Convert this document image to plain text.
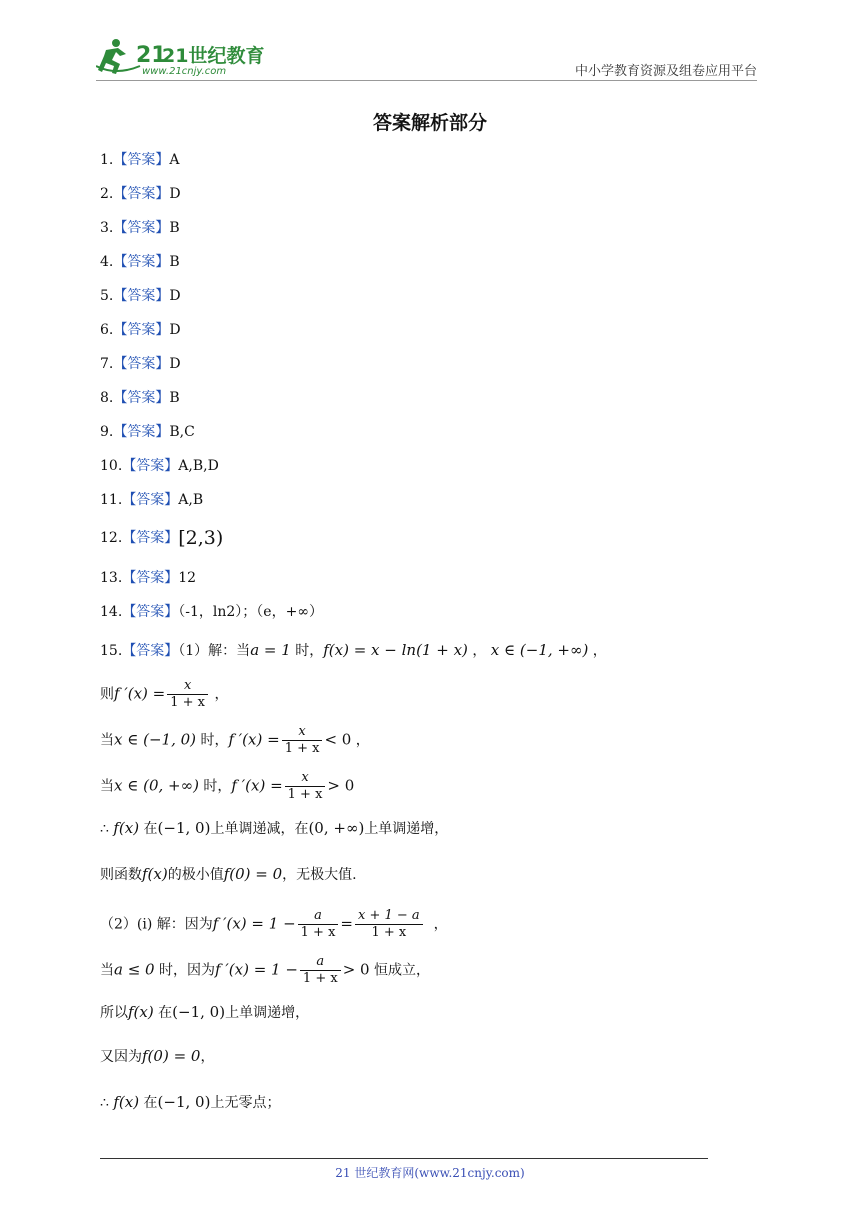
21
21世纪教育
www.21cnjy.com	中小学教育资源及组卷应用平台
答案解析部分
1.【答案】A
2.【答案】D
3.【答案】B
4.【答案】B
5.【答案】D
6.【答案】D
7.【答案】D
8.【答案】B
9.【答案】B,C
10.【答案】A,B,D
11.【答案】A,B
12.【答案】[2,3)
13.【答案】12
14.【答案】（-1，ln2）；（e，+∞）
15.【答案】（1）解：当a = 1 时，f(x) = x − ln(1 + x) ， x ∈ (−1, +∞) ，
则f $'(x) = \frac{x}{1 + x}$ ，
当x ∈ (−1, 0) 时，f $'(x) = \frac{x}{1 + x} < 0$ ，
当x ∈ (0, +∞) 时，f $'(x) = \frac{x}{1 + x} > 0$
∴ f(x) 在(−1, 0)上单调递减，在(0, +∞)上单调递增，
则函数f(x)的极小值f(0) = 0，无极大值.
（2）(ⅰ) 解：因为f $'(x) = 1 - \frac{a}{1 + x} = \frac{x + 1 - a}{1 + x}$ ，
当a ≤ 0 时，因为f $'(x) = 1 - \frac{a}{1 + x} > 0$ 恒成立，
所以f(x) 在(−1, 0)上单调递增，
又因为f(0) = 0，
∴ f(x) 在(−1, 0)上无零点；
21 世纪教育网(www.21cnjy.com)
